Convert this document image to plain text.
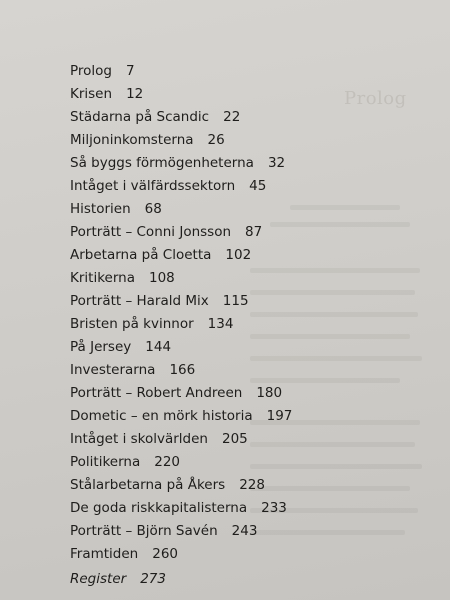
Prolog
Prolog 7
Krisen 12
Städarna på Scandic 22
Miljoninkomsterna 26
Så byggs förmögenheterna 32
Intåget i välfärdssektorn 45
Historien 68
Porträtt – Conni Jonsson 87
Arbetarna på Cloetta 102
Kritikerna 108
Porträtt – Harald Mix 115
Bristen på kvinnor 134
På Jersey 144
Investerarna 166
Porträtt – Robert Andreen 180
Dometic – en mörk historia 197
Intåget i skolvärlden 205
Politikerna 220
Stålarbetarna på Åkers 228
De goda riskkapitalisterna 233
Porträtt – Björn Savén 243
Framtiden 260
Register 273
